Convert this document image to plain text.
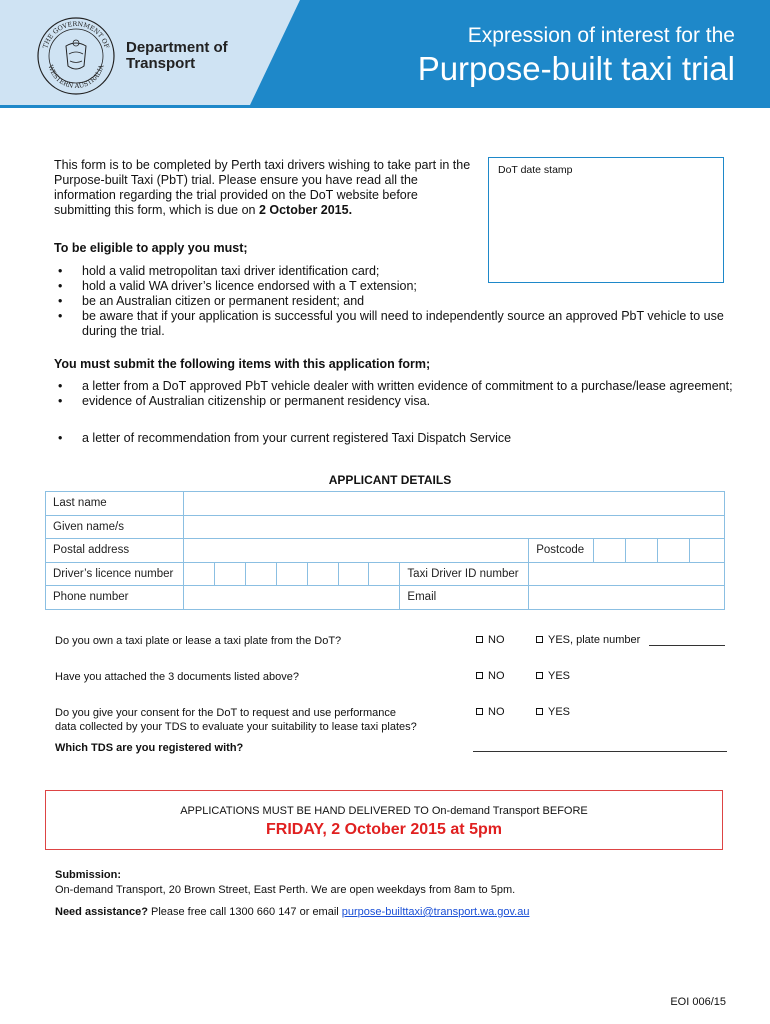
THE GOVERNMENT OF
WESTERN AUSTRALIA
Department of
Transport
Expression of interest for the
Purpose-built taxi trial
This form is to be completed by Perth taxi drivers wishing to take part in the Purpose-built Taxi (PbT) trial. Please ensure you have read all the information regarding the trial provided on the DoT website before submitting this form, which is due on 2 October 2015.
DoT date stamp
To be eligible to apply you must;
• hold a valid metropolitan taxi driver identification card;
• hold a valid WA driver’s licence endorsed with a T extension;
• be an Australian citizen or permanent resident; and
• be aware that if your application is successful you will need to independently source an approved PbT vehicle to use during the trial.
You must submit the following items with this application form;
• a letter from a DoT approved PbT vehicle dealer with written evidence of commitment to a purchase/lease agreement;
• evidence of Australian citizenship or permanent residency visa.
• a letter of recommendation from your current registered Taxi Dispatch Service
APPLICANT DETAILS
Last name													
Given name/s													
Postal address									Postcode				
Driver’s licence number								Taxi Driver ID number					
Phone number								Email					
Do you own a taxi plate or lease a taxi plate from the DoT?	NO	YES, plate number
Have you attached the 3 documents listed above?	NO	YES
Do you give your consent for the DoT to request and use performance
data collected by your TDS to evaluate your suitability to lease taxi plates?
NO	YES
Which TDS are you registered with?
APPLICATIONS MUST BE HAND DELIVERED TO On-demand Transport BEFORE
FRIDAY, 2 October 2015 at 5pm
Submission:
On-demand Transport, 20 Brown Street, East Perth. We are open weekdays from 8am to 5pm.
Need assistance? Please free call 1300 660 147 or email purpose-builttaxi@transport.wa.gov.au
EOI 006/15
